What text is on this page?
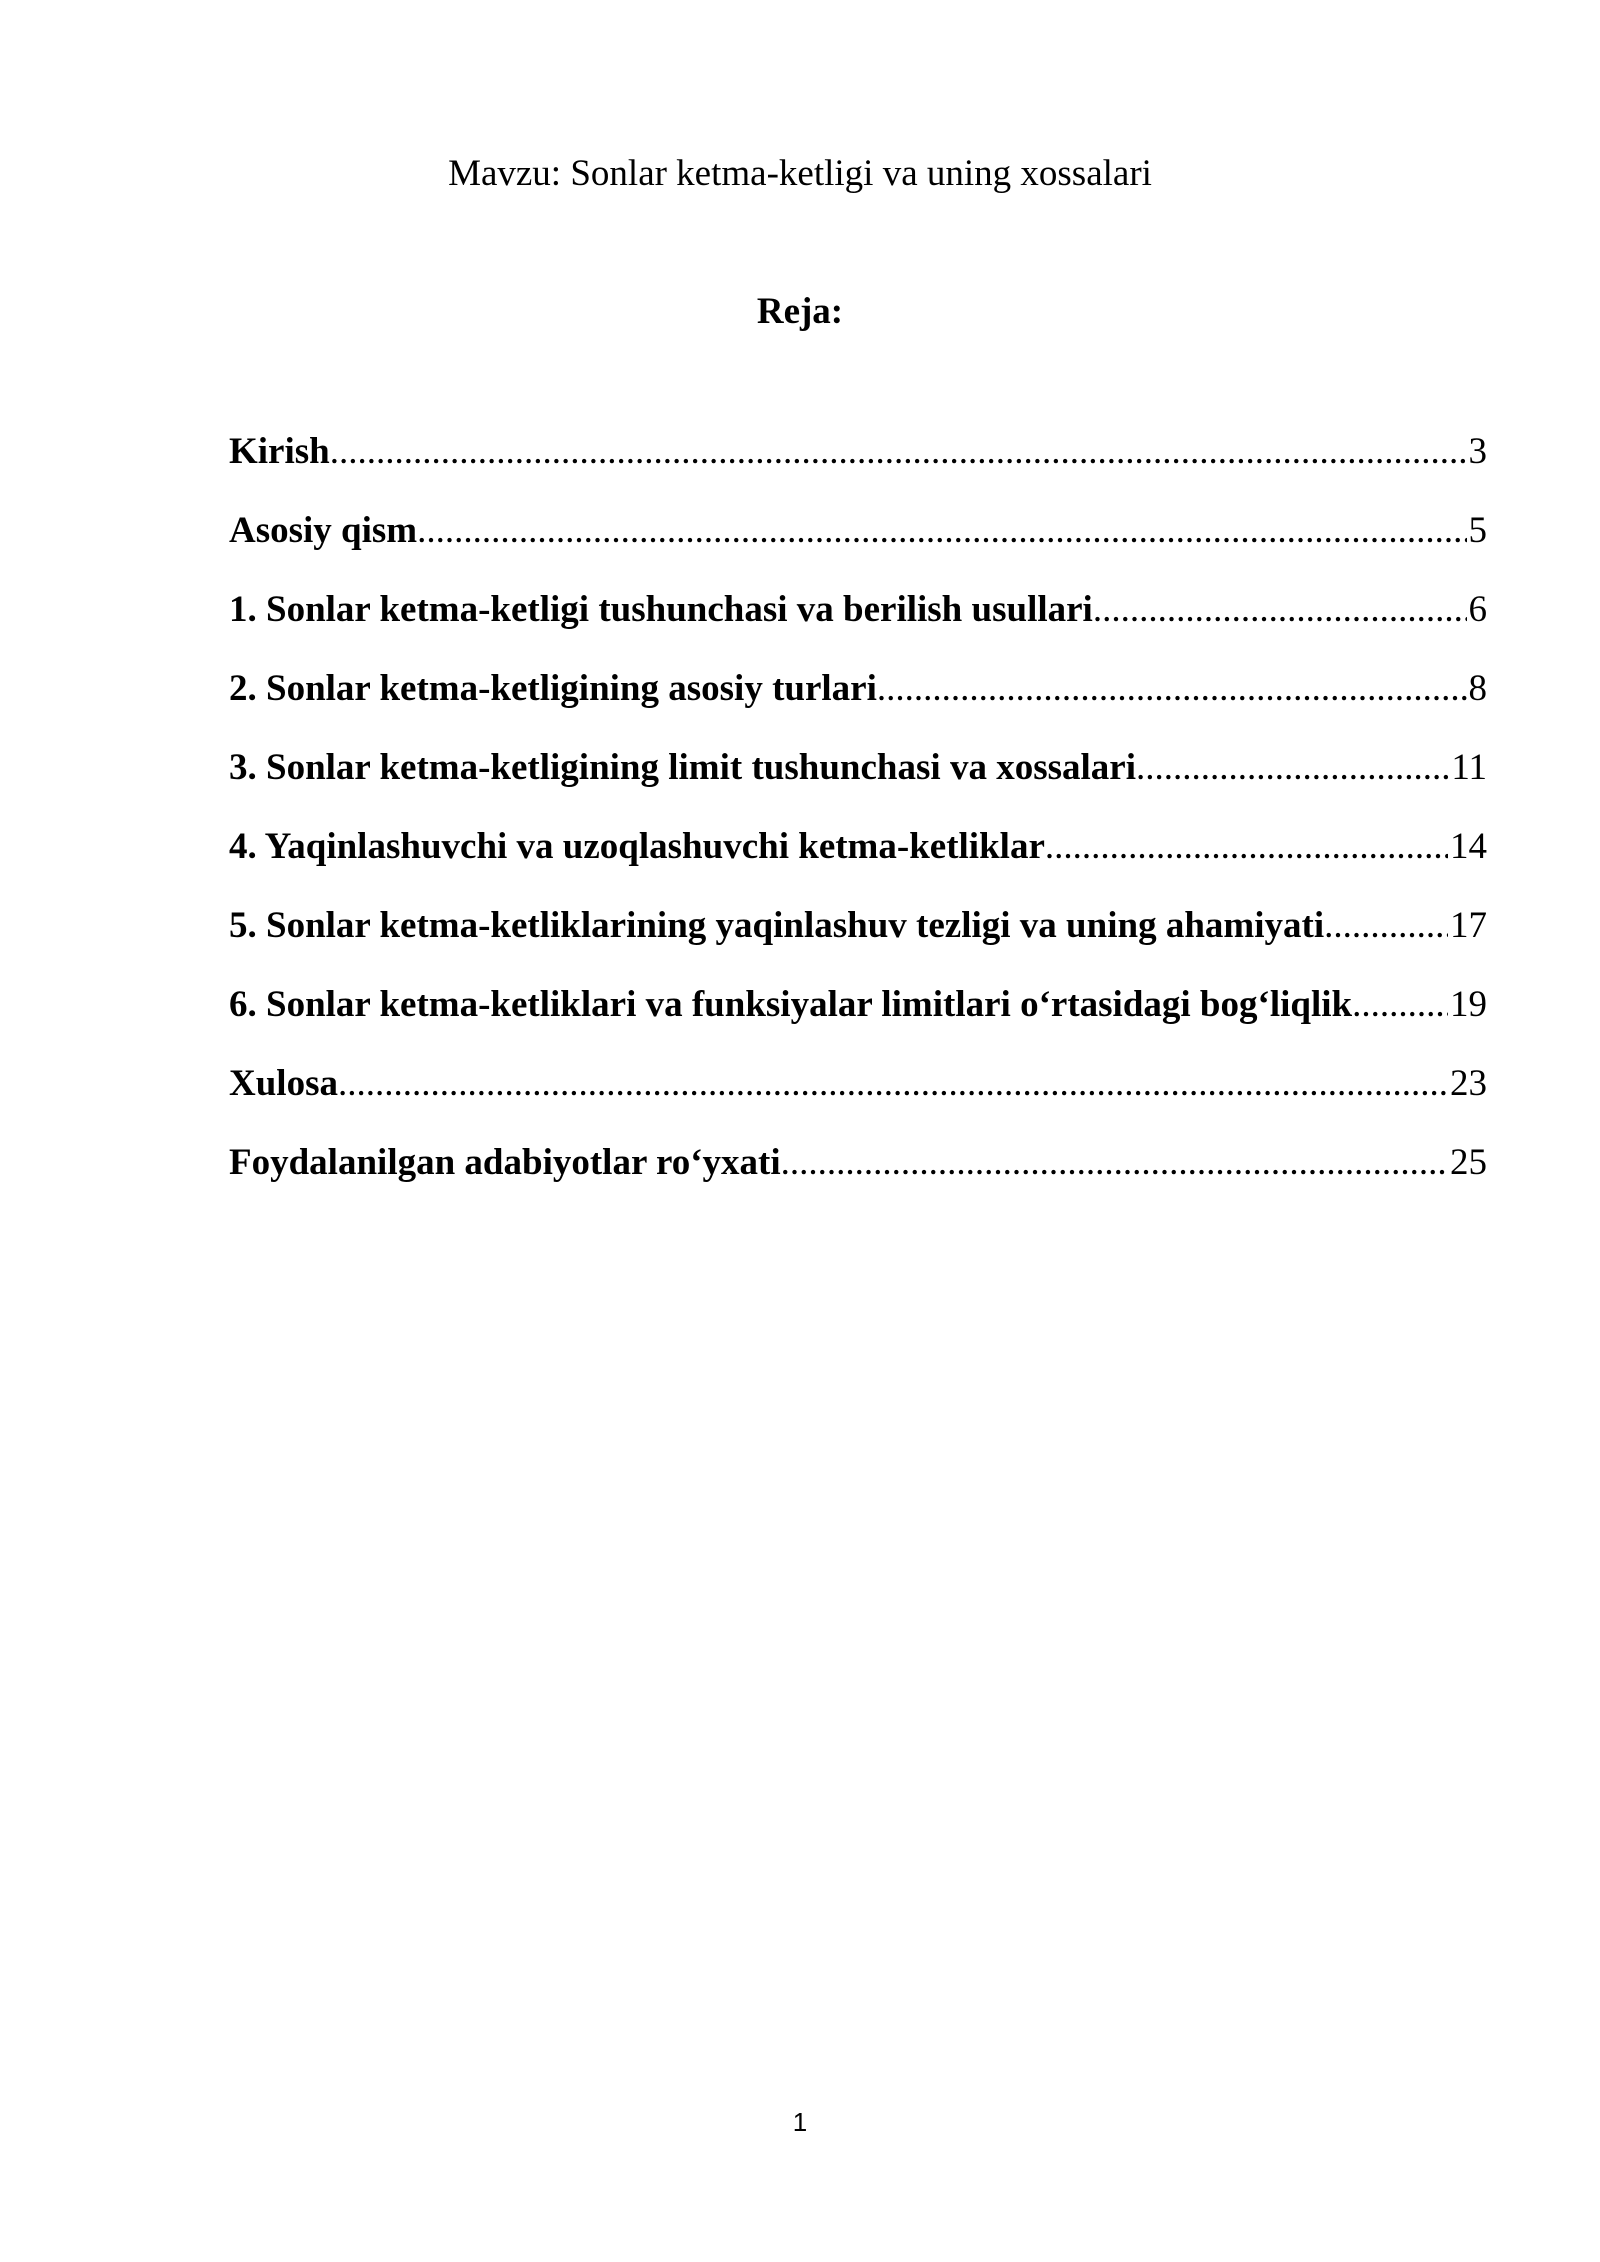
Mavzu: Sonlar ketma-ketligi va uning xossalari
Reja:
Kirish .....	3
Asosiy qism .....	5
1. Sonlar ketma-ketligi tushunchasi va berilish usullari .....	6
2. Sonlar ketma-ketligining asosiy turlari .....	8
3. Sonlar ketma-ketligining limit tushunchasi va xossalari .....	11
4. Yaqinlashuvchi va uzoqlashuvchi ketma-ketliklar .....	14
5. Sonlar ketma-ketliklarining yaqinlashuv tezligi va uning ahamiyati .....	17
6. Sonlar ketma-ketliklari va funksiyalar limitlari o‘rtasidagi bog‘liqlik .....	19
Xulosa .....	23
Foydalanilgan adabiyotlar ro‘yxati .....	25
1
